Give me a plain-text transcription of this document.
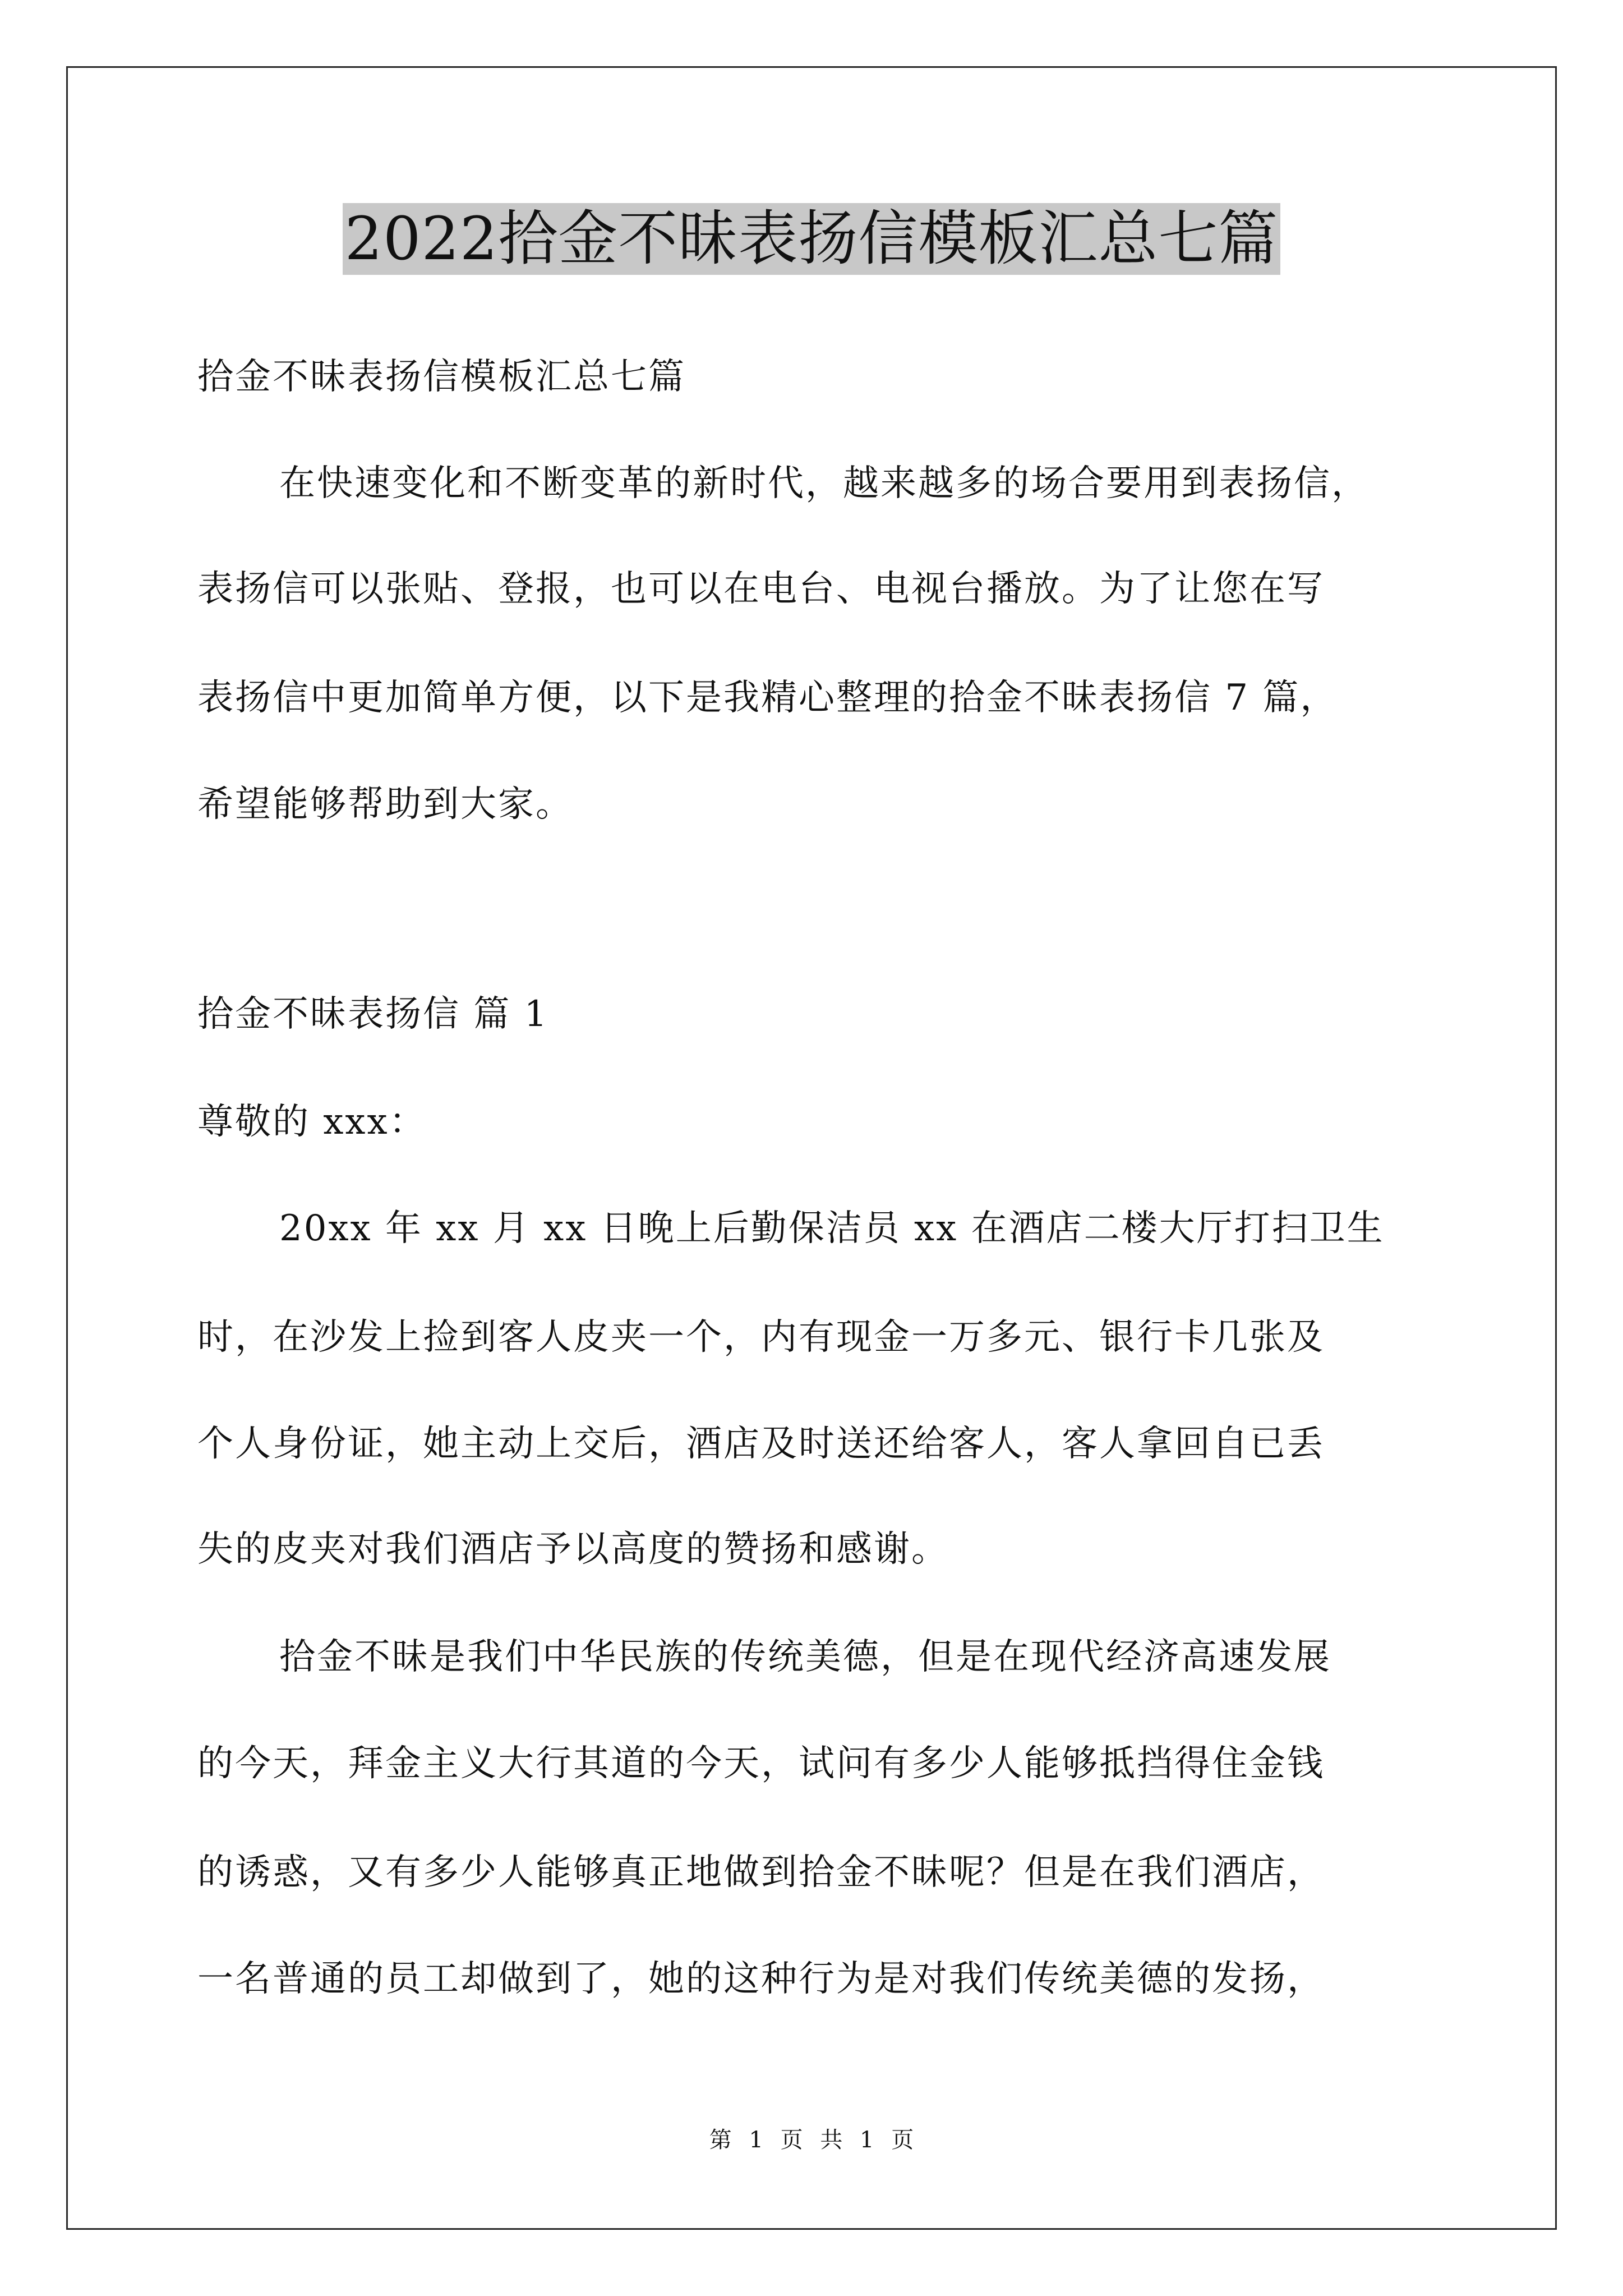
2022拾金不昧表扬信模板汇总七篇
拾金不昧表扬信模板汇总七篇
在快速变化和不断变革的新时代，越来越多的场合要用到表扬信，
表扬信可以张贴、登报，也可以在电台、电视台播放。为了让您在写
表扬信中更加简单方便，以下是我精心整理的拾金不昧表扬信 7 篇，
希望能够帮助到大家。
拾金不昧表扬信 篇 1
尊敬的 xxx：
20xx 年 xx 月 xx 日晚上后勤保洁员 xx 在酒店二楼大厅打扫卫生
时，在沙发上捡到客人皮夹一个，内有现金一万多元、银行卡几张及
个人身份证，她主动上交后，酒店及时送还给客人，客人拿回自已丢
失的皮夹对我们酒店予以高度的赞扬和感谢。
拾金不昧是我们中华民族的传统美德，但是在现代经济高速发展
的今天，拜金主义大行其道的今天，试问有多少人能够抵挡得住金钱
的诱惑，又有多少人能够真正地做到拾金不昧呢？但是在我们酒店，
一名普通的员工却做到了，她的这种行为是对我们传统美德的发扬，
第 1 页 共 1 页
